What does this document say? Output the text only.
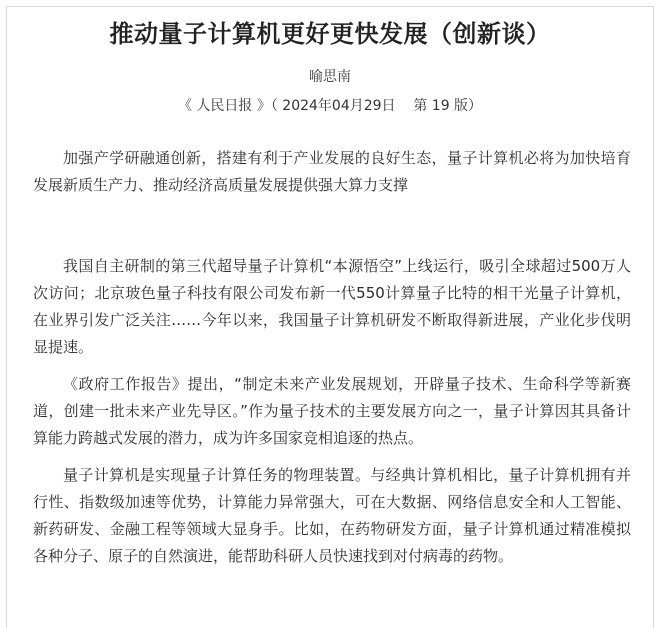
推动量子计算机更好更快发展（创新谈）
喻思南
《 人民日报 》（ 2024年04月29日    第 19 版）

加强产学研融通创新，搭建有利于产业发展的良好生态，量子计算机必将为加快培育发展新质生产力、推动经济高质量发展提供强大算力支撑

我国自主研制的第三代超导量子计算机“本源悟空”上线运行，吸引全球超过500万人次访问；北京玻色量子科技有限公司发布新一代550计算量子比特的相干光量子计算机，在业界引发广泛关注……今年以来，我国量子计算机研发不断取得新进展，产业化步伐明显提速。

《政府工作报告》提出，“制定未来产业发展规划，开辟量子技术、生命科学等新赛道，创建一批未来产业先导区。”作为量子技术的主要发展方向之一，量子计算因其具备计算能力跨越式发展的潜力，成为许多国家竞相追逐的热点。

量子计算机是实现量子计算任务的物理装置。与经典计算机相比，量子计算机拥有并行性、指数级加速等优势，计算能力异常强大，可在大数据、网络信息安全和人工智能、新药研发、金融工程等领域大显身手。比如，在药物研发方面，量子计算机通过精准模拟各种分子、原子的自然演进，能帮助科研人员快速找到对付病毒的药物。
